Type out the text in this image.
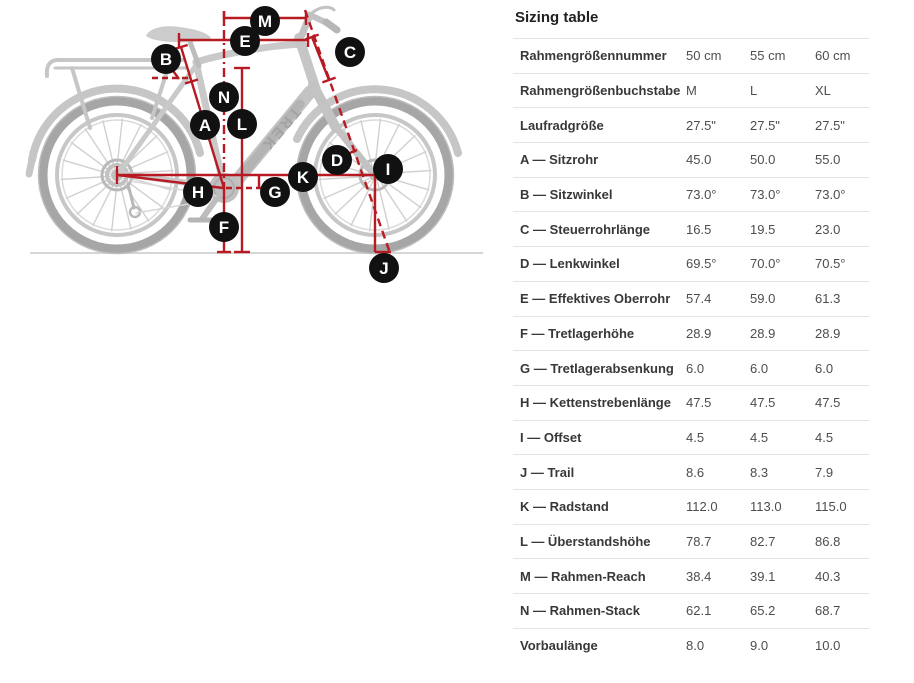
TREK
A
B	C
D
E
F
G
H
I
J
K
L
M
N
Sizing table
Rahmengrößennummer	50 cm	55 cm	60 cm
Rahmengrößenbuchstabe M	L	XL
Laufradgröße	27.5"	27.5"	27.5"
A — Sitzrohr	45.0	50.0	55.0
B — Sitzwinkel	73.0°	73.0°	73.0°
C — Steuerrohrlänge	16.5	19.5	23.0
D — Lenkwinkel	69.5°	70.0°	70.5°
E — Effektives Oberrohr	57.4	59.0	61.3
F — Tretlagerhöhe	28.9	28.9	28.9
G — Tretlagerabsenkung 6.0	6.0	6.0
H — Kettenstrebenlänge	47.5	47.5	47.5
I — Offset	4.5	4.5	4.5
J — Trail	8.6	8.3	7.9
K — Radstand	112.0	113.0	115.0
L — Überstandshöhe	78.7	82.7	86.8
M — Rahmen-Reach	38.4	39.1	40.3
N — Rahmen-Stack	62.1	65.2	68.7
Vorbaulänge	8.0	9.0	10.0
